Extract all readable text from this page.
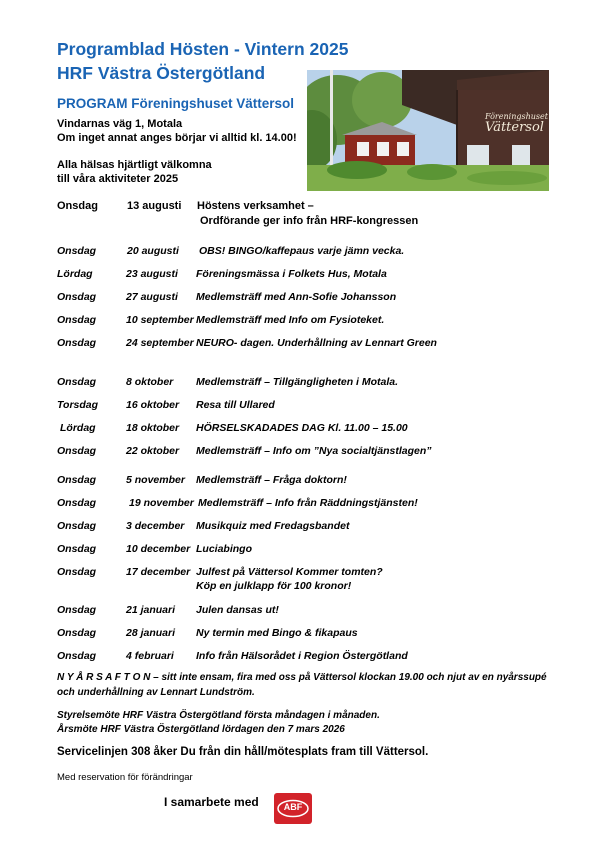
Programblad Hösten - Vintern 2025
HRF Västra Östergötland
PROGRAM Föreningshuset Vättersol
Vindarnas väg 1, Motala
Om inget annat anges börjar vi alltid kl. 14.00!
Alla hälsas hjärtligt välkomna
till våra aktiviteter 2025
Föreningshuset
Vättersol
Onsdag	13 augusti Höstens verksamhet –
Ordförande ger info från HRF-kongressen
Onsdag	20 augusti OBS! BINGO/kaffepaus varje jämn vecka.
Lördag	23 augusti Föreningsmässa i Folkets Hus, Motala
Onsdag	27 augusti Medlemsträff med Ann-Sofie Johansson
Onsdag	10 september Medlemsträff med Info om Fysioteket.
Onsdag	24 september NEURO- dagen. Underhållning av Lennart Green
Onsdag	8 oktober Medlemsträff – Tillgängligheten i Motala.
Torsdag	16 oktober Resa till Ullared
Lördag	18 oktober HÖRSELSKADADES DAG Kl. 11.00 – 15.00
Onsdag	22 oktober Medlemsträff – Info om ”Nya socialtjänstlagen”
Onsdag	5 november Medlemsträff – Fråga doktorn!
Onsdag	19 november Medlemsträff – Info från Räddningstjänsten!
Onsdag	3 december Musikquiz med Fredagsbandet
Onsdag	10 december Luciabingo
Onsdag	17 december Julfest på Vättersol Kommer tomten?
Köp en julklapp för 100 kronor!
Onsdag	21 januari Julen dansas ut!
Onsdag	28 januari Ny termin med Bingo & fikapaus
Onsdag	4 februari Info från Hälsorådet i Region Östergötland
N Y Å R S A F T O N – sitt inte ensam, fira med oss på Vättersol klockan 19.00 och njut av en nyårssupé och underhållning av Lennart Lundström.
Styrelsemöte HRF Västra Östergötland första måndagen i månaden.
Årsmöte HRF Västra Östergötland lördagen den 7 mars 2026
Servicelinjen 308 åker Du från din håll/mötesplats fram till Vättersol.
Med reservation för förändringar
I samarbete med	ABF
